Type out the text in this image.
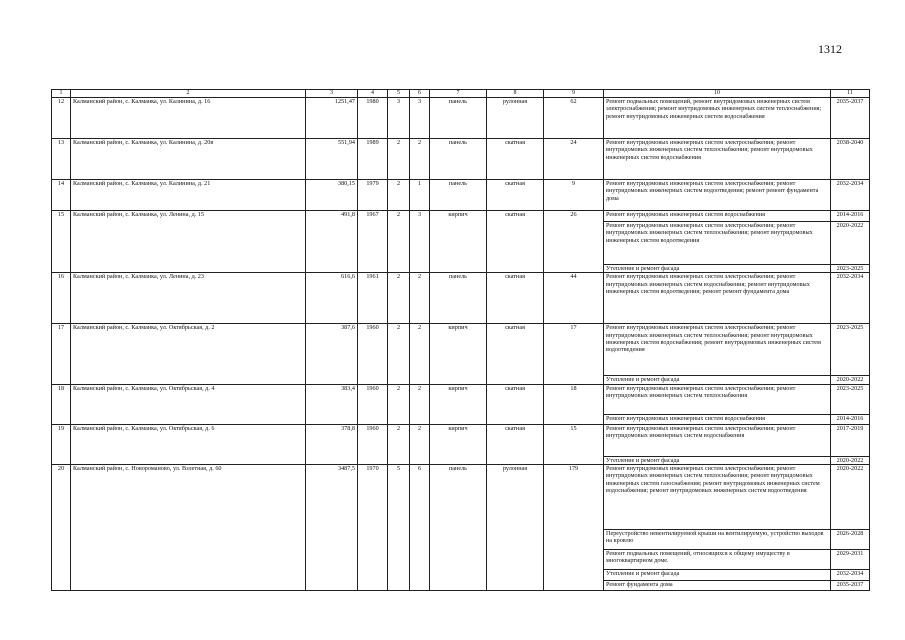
1312
1	2	3	4	5	6	7	8	9	10	11
12	Калманский район, с. Калманка, ул. Калинина, д. 16	1251,47	1980	3	3	панель	рулонная	62	Ремонт подвальных помещений, ремонт внутридомовых инженерных систем электроснабжения; ремонт внутридомовых инженерных систем теплоснабжения; ремонт внутридомовых инженерных систем водоснабжения	2035-2037
13	Калманский район, с. Калманка, ул. Калинина, д. 20в	551,94	1989	2	2	панель	скатная	24	Ремонт внутридомовых инженерных систем электроснабжения; ремонт внутридомовых инженерных систем теплоснабжения; ремонт внутридомовых инженерных систем водоснабжения	2038-2040
14	Калманский район, с. Калманка, ул. Калинина, д. 21	380,15	1979	2	1	панель	скатная	9	Ремонт внутридомовых инженерных систем электроснабжения; ремонт внутридомовых инженерных систем водоотведения; ремонт ремонт фундамента дома	2032-2034
15	Калманский район, с. Калманка, ул. Ленина, д. 15	491,8	1967	2	3	кирпич	скатная	26	Ремонт внутридомовых инженерных систем водоснабжения	2014-2016
									Ремонт внутридомовых инженерных систем электроснабжения; ремонт внутридомовых инженерных систем теплоснабжения; ремонт внутридомовых инженерных систем водоотведения	2020-2022
									Утепление и ремонт фасада	2023-2025
16	Калманский район, с. Калманка, ул. Ленина, д. 23	616,6	1961	2	2	панель	скатная	44	Ремонт внутридомовых инженерных систем электроснабжения; ремонт внутридомовых инженерных систем водоснабжения; ремонт внутридомовых инженерных систем водоотведения; ремонт ремонт фундамента дома	2032-2034
17	Калманский район, с. Калманка, ул. Октябрьская, д. 2	387,6	1960	2	2	кирпич	скатная	17	Ремонт внутридомовых инженерных систем электроснабжения; ремонт внутридомовых инженерных систем теплоснабжения; ремонт внутридомовых инженерных систем водоснабжения; ремонт внутридомовых инженерных систем водоотведения	2023-2025
									Утепление и ремонт фасада	2020-2022
18	Калманский район, с. Калманка, ул. Октябрьская, д. 4	383,4	1960	2	2	кирпич	скатная	18	Ремонт внутридомовых инженерных систем электроснабжения; ремонт внутридомовых инженерных систем теплоснабжения	2023-2025
									Ремонт внутридомовых инженерных систем водоснабжения	2014-2016
19	Калманский район, с. Калманка, ул. Октябрьская, д. 6	378,8	1960	2	2	кирпич	скатная	15	Ремонт внутридомовых инженерных систем электроснабжения; ремонт внутридомовых инженерных систем водоснабжения	2017-2019
									Утепление и ремонт фасада	2020-2022
20	Калманский район, с. Новороманово, ул. Взлетная, д. 60	3487,5	1970	5	6	панель	рулонная	179	Ремонт внутридомовых инженерных систем электроснабжения; ремонт внутридомовых инженерных систем теплоснабжения; ремонт внутридомовых инженерных систем газоснабжения; ремонт внутридомовых инженерных систем водоснабжения; ремонт внутридомовых инженерных систем водоотведения	2020-2022
									Переустройство невентилируемой крыши на вентилируемую, устройство выходов на кровлю	2026-2028
									Ремонт подвальных помещений, относящихся к общему имуществу в многоквартирном доме.	2029-2031
									Утепление и ремонт фасада	2032-2034
									Ремонт фундамента дома	2035-2037
